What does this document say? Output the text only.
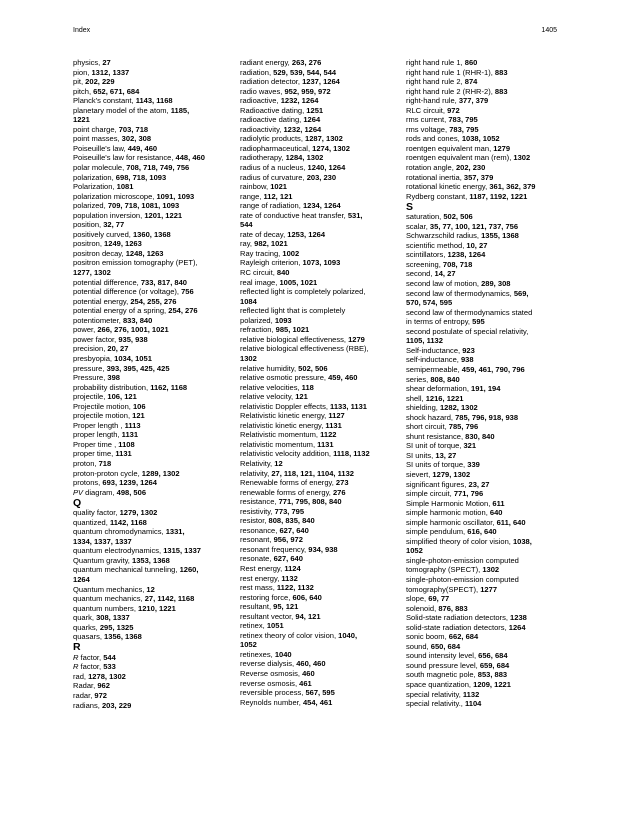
Index	1405
physics, 27
pion, 1312, 1337
pit, 202, 229
pitch, 652, 671, 684
Planck's constant, 1143, 1168
planetary model of the atom, 1185,
1221
point charge, 703, 718
point masses, 302, 308
Poiseuille's law, 449, 460
Poiseuille's law for resistance, 448, 460
polar molecule, 708, 718, 749, 756
polarization, 698, 718, 1093
Polarization, 1081
polarization microscope, 1091, 1093
polarized, 709, 718, 1081, 1093
population inversion, 1201, 1221
position, 32, 77
positively curved, 1360, 1368
positron, 1249, 1263
positron decay, 1248, 1263
positron emission tomography (PET),
1277, 1302
potential difference, 733, 817, 840
potential difference (or voltage), 756
potential energy, 254, 255, 276
potential energy of a spring, 254, 276
potentiometer, 833, 840
power, 266, 276, 1001, 1021
power factor, 935, 938
precision, 20, 27
presbyopia, 1034, 1051
pressure, 393, 395, 425, 425
Pressure, 398
probability distribution, 1162, 1168
projectile, 106, 121
Projectile motion, 106
projectile motion, 121
Proper length , 1113
proper length, 1131
Proper time , 1108
proper time, 1131
proton, 718
proton-proton cycle, 1289, 1302
protons, 693, 1239, 1264
PV diagram, 498, 506
Q
quality factor, 1279, 1302
quantized, 1142, 1168
quantum chromodynamics, 1331,
1334, 1337, 1337
quantum electrodynamics, 1315, 1337
Quantum gravity, 1353, 1368
quantum mechanical tunneling, 1260,
1264
Quantum mechanics, 12
quantum mechanics, 27, 1142, 1168
quantum numbers, 1210, 1221
quark, 308, 1337
quarks, 295, 1325
quasars, 1356, 1368
R
R factor, 544
R factor, 533
rad, 1278, 1302
Radar, 962
radar, 972
radians, 203, 229
radiant energy, 263, 276
radiation, 529, 539, 544, 544
radiation detector, 1237, 1264
radio waves, 952, 959, 972
radioactive, 1232, 1264
Radioactive dating, 1251
radioactive dating, 1264
radioactivity, 1232, 1264
radiolytic products, 1287, 1302
radiopharmaceutical, 1274, 1302
radiotherapy, 1284, 1302
radius of a nucleus, 1240, 1264
radius of curvature, 203, 230
rainbow, 1021
range, 112, 121
range of radiation, 1234, 1264
rate of conductive heat transfer, 531,
544
rate of decay, 1253, 1264
ray, 982, 1021
Ray tracing, 1002
Rayleigh criterion, 1073, 1093
RC circuit, 840
real image, 1005, 1021
reflected light is completely polarized,
1084
reflected light that is completely
polarized, 1093
refraction, 985, 1021
relative biological effectiveness, 1279
relative biological effectiveness (RBE),
1302
relative humidity, 502, 506
relative osmotic pressure, 459, 460
relative velocities, 118
relative velocity, 121
relativistic Doppler effects, 1133, 1131
Relativistic kinetic energy, 1127
relativistic kinetic energy, 1131
Relativistic momentum, 1122
relativistic momentum, 1131
relativistic velocity addition, 1118, 1132
Relativity, 12
relativity, 27, 118, 121, 1104, 1132
Renewable forms of energy, 273
renewable forms of energy, 276
resistance, 771, 795, 808, 840
resistivity, 773, 795
resistor, 808, 835, 840
resonance, 627, 640
resonant, 956, 972
resonant frequency, 934, 938
resonate, 627, 640
Rest energy, 1124
rest energy, 1132
rest mass, 1122, 1132
restoring force, 606, 640
resultant, 95, 121
resultant vector, 94, 121
retinex, 1051
retinex theory of color vision, 1040,
1052
retinexes, 1040
reverse dialysis, 460, 460
Reverse osmosis, 460
reverse osmosis, 461
reversible process, 567, 595
Reynolds number, 454, 461
right hand rule 1, 860
right hand rule 1 (RHR-1), 883
right hand rule 2, 874
right hand rule 2 (RHR-2), 883
right-hand rule, 377, 379
RLC circuit, 972
rms current, 783, 795
rms voltage, 783, 795
rods and cones, 1038, 1052
roentgen equivalent man, 1279
roentgen equivalent man (rem), 1302
rotation angle, 202, 230
rotational inertia, 357, 379
rotational kinetic energy, 361, 362, 379
Rydberg constant, 1187, 1192, 1221
S
saturation, 502, 506
scalar, 35, 77, 100, 121, 737, 756
Schwarzschild radius, 1355, 1368
scientific method, 10, 27
scintillators, 1238, 1264
screening, 708, 718
second, 14, 27
second law of motion, 289, 308
second law of thermodynamics, 569,
570, 574, 595
second law of thermodynamics stated
in terms of entropy, 595
second postulate of special relativity,
1105, 1132
Self-inductance, 923
self-inductance, 938
semipermeable, 459, 461, 790, 796
series, 808, 840
shear deformation, 191, 194
shell, 1216, 1221
shielding, 1282, 1302
shock hazard, 785, 796, 918, 938
short circuit, 785, 796
shunt resistance, 830, 840
SI unit of torque, 321
SI units, 13, 27
SI units of torque, 339
sievert, 1279, 1302
significant figures, 23, 27
simple circuit, 771, 796
Simple Harmonic Motion, 611
simple harmonic motion, 640
simple harmonic oscillator, 611, 640
simple pendulum, 616, 640
simplified theory of color vision, 1038,
1052
single-photon-emission computed
tomography (SPECT), 1302
single-photon-emission computed
tomography(SPECT), 1277
slope, 69, 77
solenoid, 876, 883
Solid-state radiation detectors, 1238
solid-state radiation detectors, 1264
sonic boom, 662, 684
sound, 650, 684
sound intensity level, 656, 684
sound pressure level, 659, 684
south magnetic pole, 853, 883
space quantization, 1209, 1221
special relativity, 1132
special relativity., 1104
